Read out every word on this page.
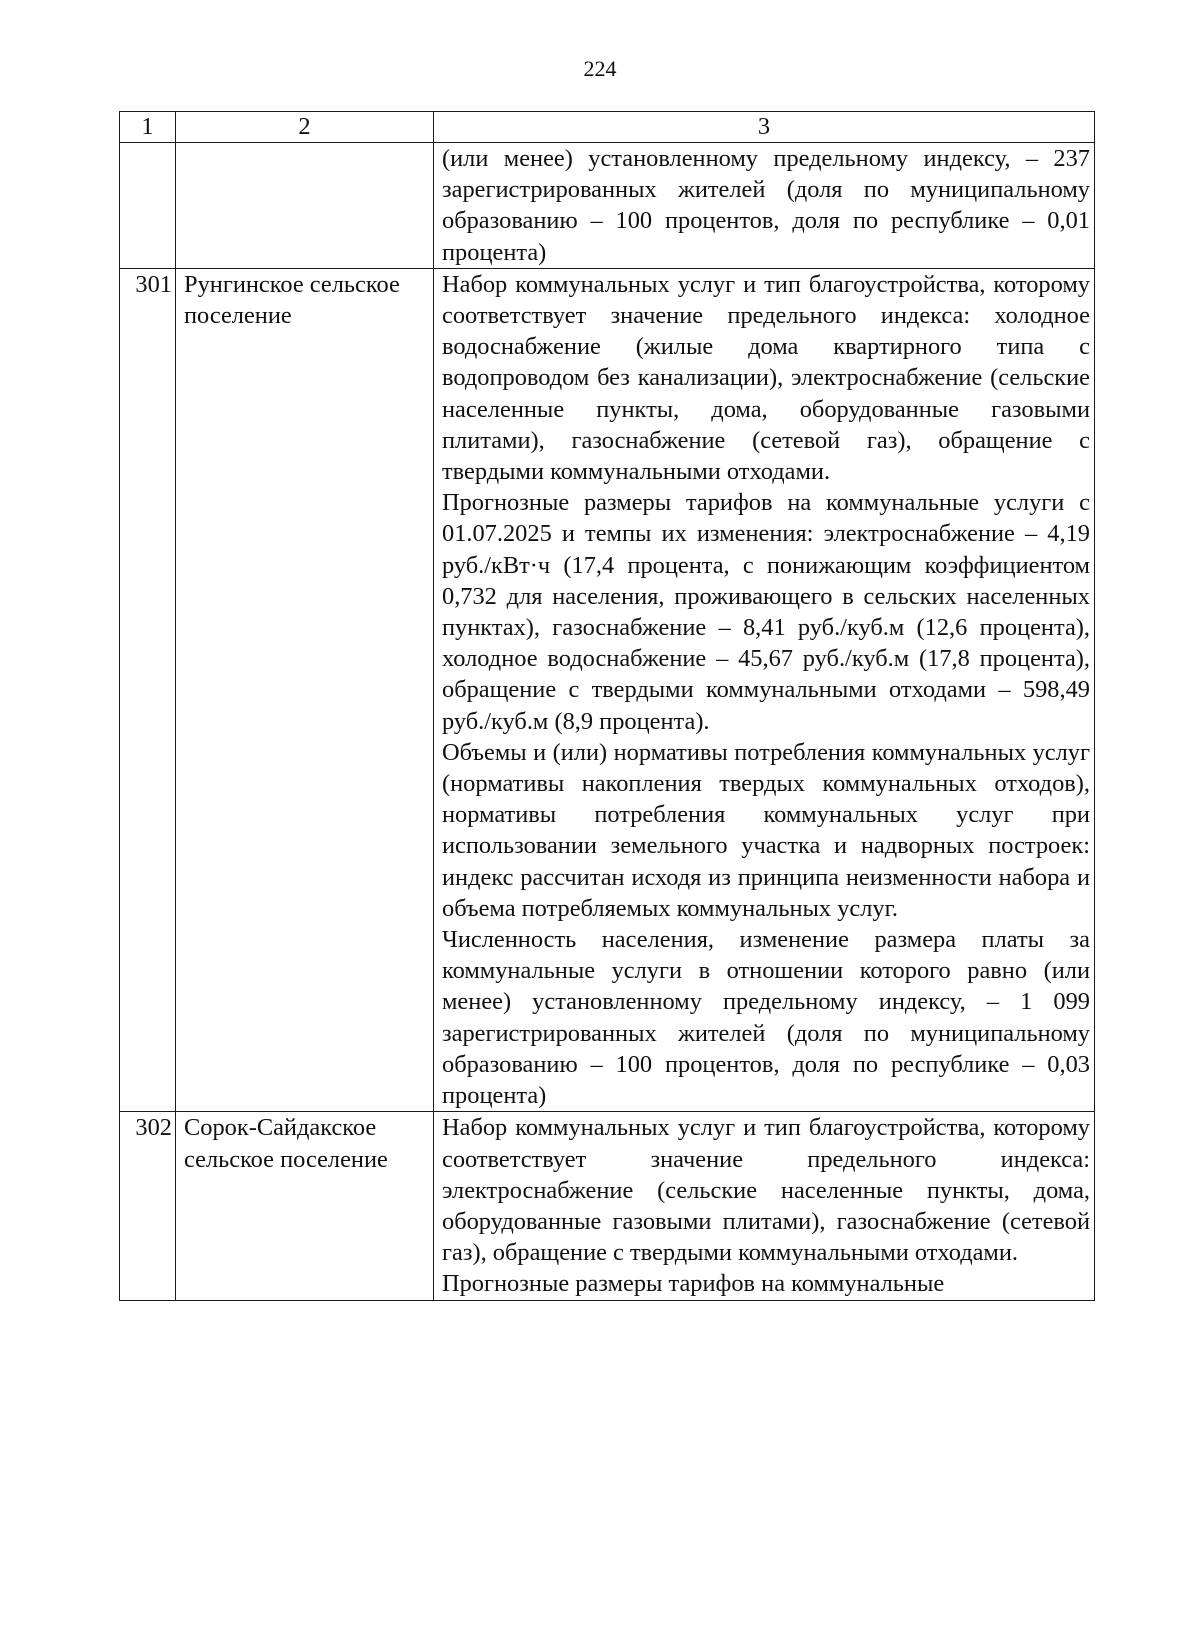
224
1	2	3

		(или менее) установленному предельному индексу, – 237 зарегистрированных жителей (доля по муниципальному образованию – 100 процентов, доля по республике – 0,01 процента)

301	Рунгинское сельское поселение	Набор коммунальных услуг и тип благоустройства, которому соответствует значение предельного индекса: холодное водоснабжение (жилые дома квартирного типа с водопроводом без канализации), электроснабжение (сельские населенные пункты, дома, оборудованные газовыми плитами), газоснабжение (сетевой газ), обращение с твердыми коммунальными отходами.

Прогнозные размеры тарифов на коммунальные услуги с 01.07.2025 и темпы их изменения: электроснабжение – 4,19 руб./кВт·ч (17,4 процента, с понижающим коэффициентом 0,732 для населения, проживающего в сельских населенных пунктах), газоснабжение – 8,41 руб./куб.м (12,6 процента), холодное водоснабжение – 45,67 руб./куб.м (17,8 процента), обращение с твердыми коммунальными отходами – 598,49 руб./куб.м (8,9 процента).

Объемы и (или) нормативы потребления коммунальных услуг (нормативы накопления твердых коммунальных отходов), нормативы потребления коммунальных услуг при использовании земельного участка и надворных построек: индекс рассчитан исходя из принципа неизменности набора и объема потребляемых коммунальных услуг.

Численность населения, изменение размера платы за коммунальные услуги в отношении которого равно (или менее) установленному предельному индексу, – 1 099 зарегистрированных жителей (доля по муниципальному образованию – 100 процентов, доля по республике – 0,03 процента)

302	Сорок-Сайдакское сельское поселение	Набор коммунальных услуг и тип благоустройства, которому соответствует значение предельного индекса: электроснабжение (сельские населенные пункты, дома, оборудованные газовыми плитами), газоснабжение (сетевой газ), обращение с твердыми коммунальными отходами.

Прогнозные размеры тарифов на коммунальные
